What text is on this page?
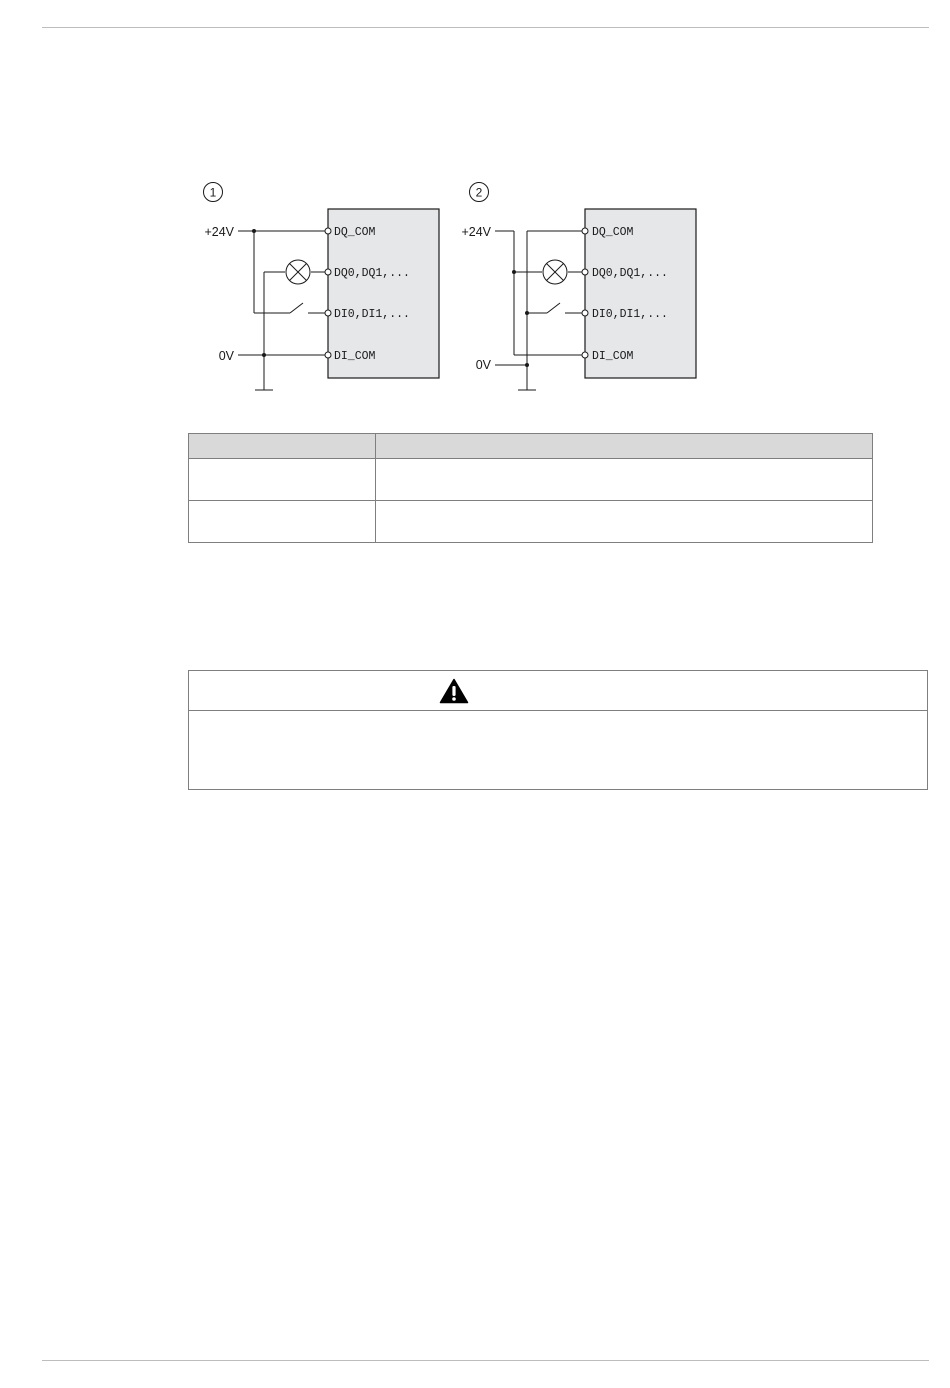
1
+24V
0V
DQ_COM
DQ0,DQ1,...
DI0,DI1,...
DI_COM
2
+24V
0V
DQ_COM
DQ0,DQ1,...
DI0,DI1,...
DI_COM
